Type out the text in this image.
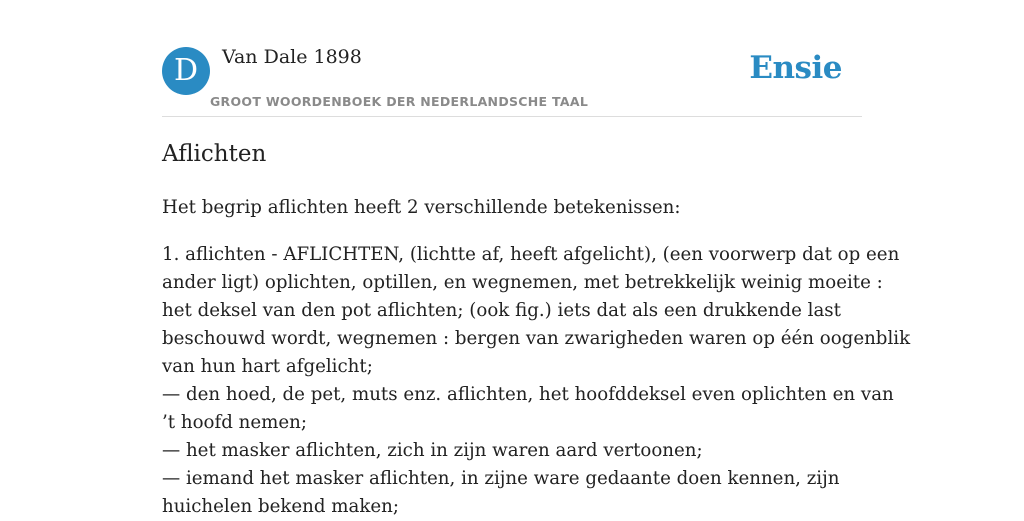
D	Van Dale 1898
GROOT WOORDENBOEK DER NEDERLANDSCHE TAAL
Ensie
Aflichten

Het begrip aflichten heeft 2 verschillende betekenissen:

1. aflichten - AFLICHTEN, (lichtte af, heeft afgelicht), (een voorwerp dat op een
ander ligt) oplichten, optillen, en wegnemen, met betrekkelijk weinig moeite :
het deksel van den pot aflichten; (ook fig.) iets dat als een drukkende last
beschouwd wordt, wegnemen : bergen van zwarigheden waren op één oogenblik
van hun hart afgelicht;
— den hoed, de pet, muts enz. aflichten, het hoofddeksel even oplichten en van
’t hoofd nemen;
— het masker aflichten, zich in zijn waren aard vertoonen;
— iemand het masker aflichten, in zijne ware gedaante doen kennen, zijn
huichelen bekend maken;
